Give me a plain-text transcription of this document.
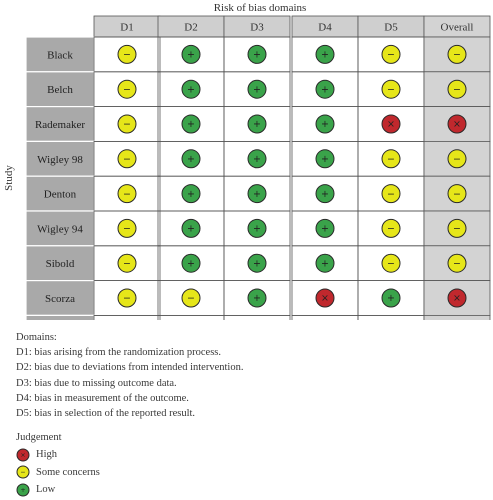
Risk of bias domains
Study
D1	D2	D3	D4	D5	Overall
Black	−	+	+	+	−	−
Belch	−	+	+	+	−	−
Rademaker	−	+	+	+	×	×
Wigley 98	−	+	+	+	−	−
Denton	−	+	+	+	−	−
Wigley 94	−	+	+	+	−	−
Sibold	−	+	+	+	−	−
Scorza	−	−	+	×	+	×
Domains:
D1: bias arising from the randomization process.
D2: bias due to deviations from intended intervention.
D3: bias due to missing outcome data.
D4: bias in measurement of the outcome.
D5: bias in selection of the reported result.
Judgement
× High
− Some concerns
+ Low
